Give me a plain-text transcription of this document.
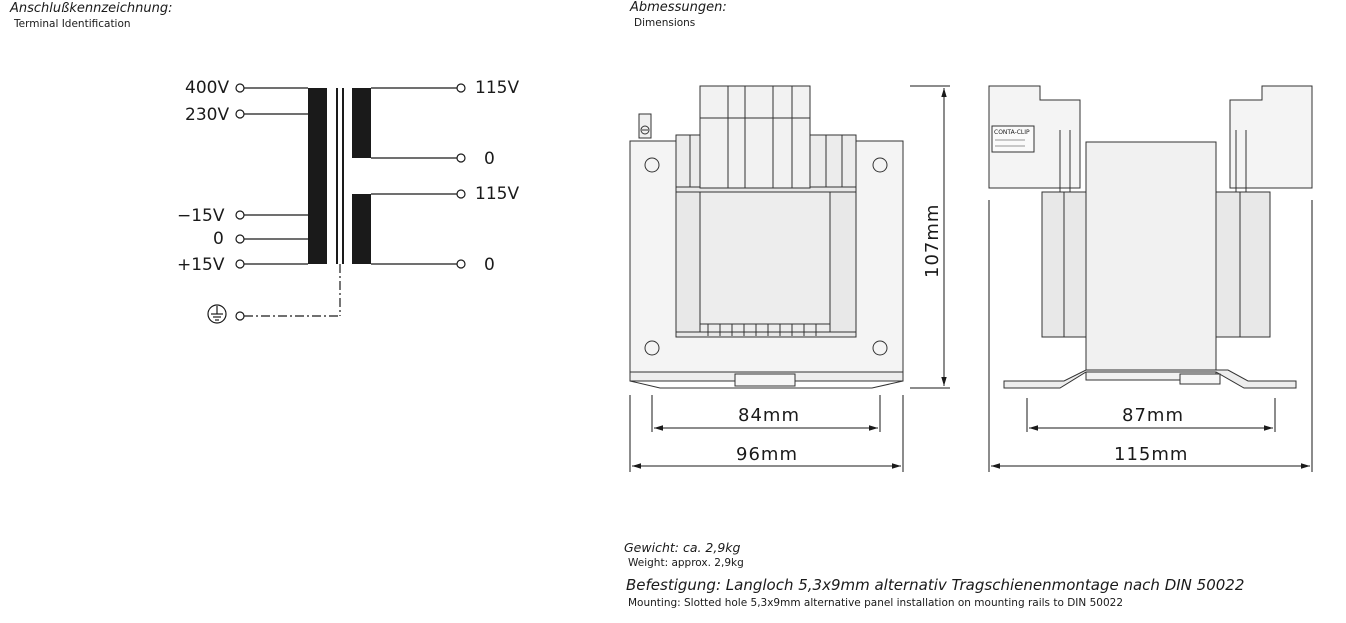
Anschlußkennzeichnung:
Terminal Identification
Abmessungen:
Dimensions
400V
230V
−15V
0
+15V
115V
0
115V
0
CONTA-CLIP
84mm
96mm
87mm
115mm
107mm
Gewicht: ca. 2,9kg
Weight: approx. 2,9kg
Befestigung: Langloch 5,3x9mm alternativ Tragschienenmontage nach DIN 50022
Mounting: Slotted hole 5,3x9mm alternative panel installation on mounting rails to DIN 50022
